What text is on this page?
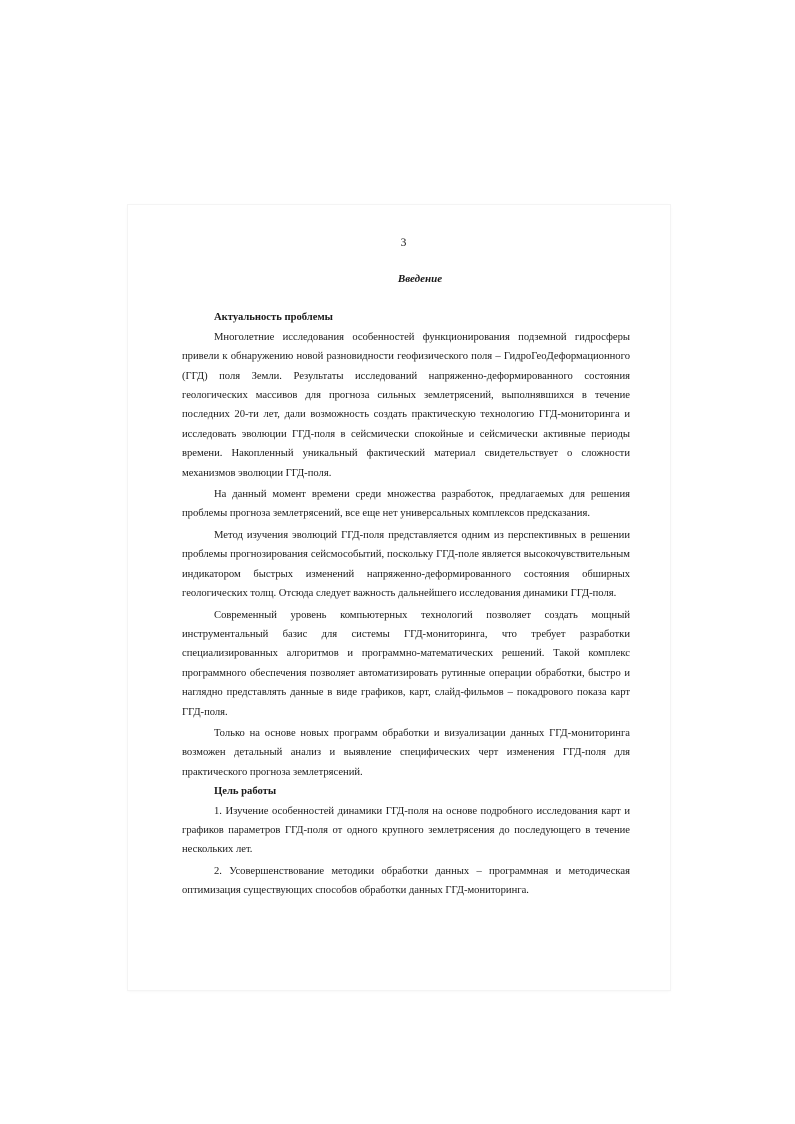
3

Введение

Актуальность проблемы

Многолетние исследования особенностей функционирования подземной гидросферы привели к обнаружению новой разновидности геофизического поля – ГидроГеоДеформационного (ГГД) поля Земли. Результаты исследований напряженно-деформированного состояния геологических массивов для прогноза сильных землетрясений, выполнявшихся в течение последних 20-ти лет, дали возможность создать практическую технологию ГГД-мониторинга и исследовать эволюции ГГД-поля в сейсмически спокойные и сейсмически активные периоды времени. Накопленный уникальный фактический материал свидетельствует о сложности механизмов эволюции ГГД-поля.

На данный момент времени среди множества разработок, предлагаемых для решения проблемы прогноза землетрясений, все еще нет универсальных комплексов предсказания.

Метод изучения эволюций ГГД-поля представляется одним из перспективных в решении проблемы прогнозирования сейсмособытий, поскольку ГГД-поле является высокочувствительным индикатором быстрых изменений напряженно-деформированного состояния обширных геологических толщ. Отсюда следует важность дальнейшего исследования динамики ГГД-поля.

Современный уровень компьютерных технологий позволяет создать мощный инструментальный базис для системы ГГД-мониторинга, что требует разработки специализированных алгоритмов и программно-математических решений. Такой комплекс программного обеспечения позволяет автоматизировать рутинные операции обработки, быстро и наглядно представлять данные в виде графиков, карт, слайд-фильмов – покадрового показа карт ГГД-поля.

Только на основе новых программ обработки и визуализации данных ГГД-мониторинга возможен детальный анализ и выявление специфических черт изменения ГГД-поля для практического прогноза землетрясений.

Цель работы

1. Изучение особенностей динамики ГГД-поля на основе подробного исследования карт и графиков параметров ГГД-поля от одного крупного землетрясения до последующего в течение нескольких лет.

2. Усовершенствование методики обработки данных – программная и методическая оптимизация существующих способов обработки данных ГГД-мониторинга.
